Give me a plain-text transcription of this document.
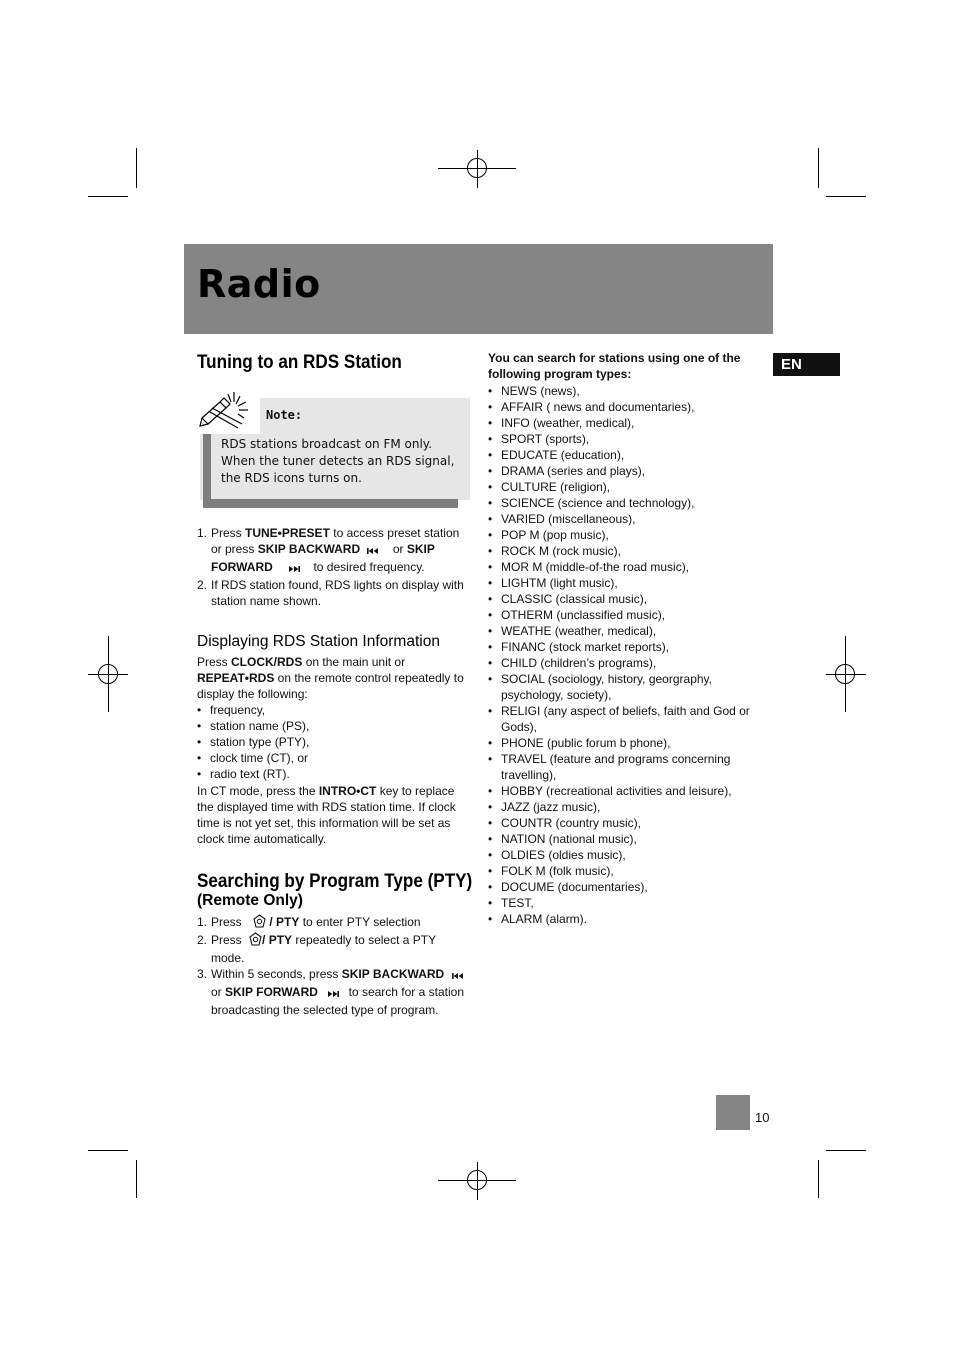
Radio
EN
Tuning to an RDS Station
Note:
RDS stations broadcast on FM only. When the tuner detects an RDS signal, the RDS icons turns on.
1. Press TUNE•PRESET to access preset station or press SKIP BACKWARD  or SKIP FORWARD	to desired frequency.
2. If RDS station found, RDS lights on display with station name shown.
Displaying RDS Station Information
Press CLOCK/RDS on the main unit or REPEAT•RDS on the remote control repeatedly to display the following:
• frequency,
• station name (PS),
• station type (PTY),
• clock time (CT), or
• radio text (RT).
In CT mode, press the INTRO•CT key to replace the displayed time with RDS station time. If clock time is not yet set, this information will be set as clock time automatically.
Searching by Program Type (PTY)
(Remote Only)
1. Press / PTY to enter PTY selection
2. Press / PTY repeatedly to select a PTY mode.
3. Within 5 seconds, press SKIP BACKWARD
or SKIP FORWARD  to search for a station broadcasting the selected type of program.
You can search for stations using one of the following program types:
• NEWS (news),
• AFFAIR ( news and documentaries),
• INFO (weather, medical),
• SPORT (sports),
• EDUCATE (education),
• DRAMA (series and plays),
• CULTURE (religion),
• SCIENCE (science and technology),
• VARIED (miscellaneous),
• POP M (pop music),
• ROCK M (rock music),
• MOR M (middle-of-the road music),
• LIGHTM (light music),
• CLASSIC (classical music),
• OTHERM (unclassified music),
• WEATHE (weather, medical),
• FINANC (stock market reports),
• CHILD (children’s programs),
• SOCIAL (sociology, history, georgraphy, psychology, society),
• RELIGI (any aspect of beliefs, faith and God or Gods),
• PHONE (public forum b phone),
• TRAVEL (feature and programs concerning travelling),
• HOBBY (recreational activities and leisure),
• JAZZ (jazz music),
• COUNTR (country music),
• NATION (national music),
• OLDIES (oldies music),
• FOLK M (folk music),
• DOCUME (documentaries),
• TEST,
• ALARM (alarm).
10
